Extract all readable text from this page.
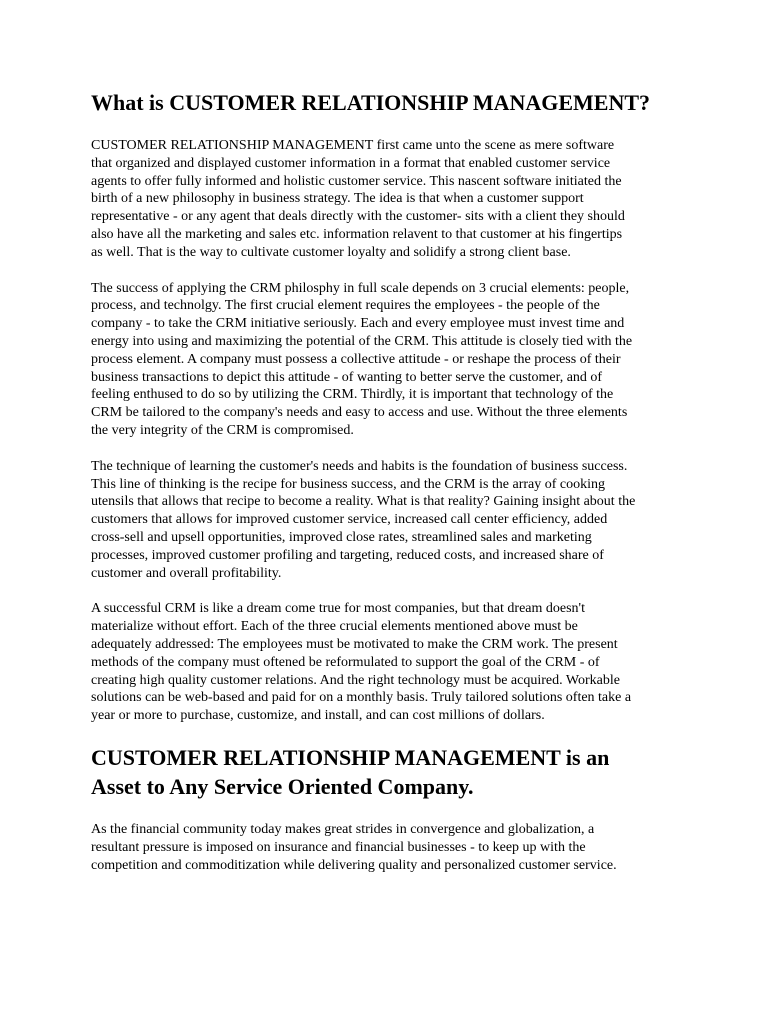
What is CUSTOMER RELATIONSHIP MANAGEMENT?

CUSTOMER RELATIONSHIP MANAGEMENT first came unto the scene as mere software
that organized and displayed customer information in a format that enabled customer service
agents to offer fully informed and holistic customer service. This nascent software initiated the
birth of a new philosophy in business strategy. The idea is that when a customer support
representative - or any agent that deals directly with the customer- sits with a client they should
also have all the marketing and sales etc. information relavent to that customer at his fingertips
as well. That is the way to cultivate customer loyalty and solidify a strong client base.

The success of applying the CRM philosphy in full scale depends on 3 crucial elements: people,
process, and technolgy. The first crucial element requires the employees - the people of the
company - to take the CRM initiative seriously. Each and every employee must invest time and
energy into using and maximizing the potential of the CRM. This attitude is closely tied with the
process element. A company must possess a collective attitude - or reshape the process of their
business transactions to depict this attitude - of wanting to better serve the customer, and of
feeling enthused to do so by utilizing the CRM. Thirdly, it is important that technology of the
CRM be tailored to the company's needs and easy to access and use. Without the three elements
the very integrity of the CRM is compromised.

The technique of learning the customer's needs and habits is the foundation of business success.
This line of thinking is the recipe for business success, and the CRM is the array of cooking
utensils that allows that recipe to become a reality. What is that reality? Gaining insight about the
customers that allows for improved customer service, increased call center efficiency, added
cross-sell and upsell opportunities, improved close rates, streamlined sales and marketing
processes, improved customer profiling and targeting, reduced costs, and increased share of
customer and overall profitability.

A successful CRM is like a dream come true for most companies, but that dream doesn't
materialize without effort. Each of the three crucial elements mentioned above must be
adequately addressed: The employees must be motivated to make the CRM work. The present
methods of the company must oftened be reformulated to support the goal of the CRM - of
creating high quality customer relations. And the right technology must be acquired. Workable
solutions can be web-based and paid for on a monthly basis. Truly tailored solutions often take a
year or more to purchase, customize, and install, and can cost millions of dollars.

CUSTOMER RELATIONSHIP MANAGEMENT is an
Asset to Any Service Oriented Company.

As the financial community today makes great strides in convergence and globalization, a
resultant pressure is imposed on insurance and financial businesses - to keep up with the
competition and commoditization while delivering quality and personalized customer service.
